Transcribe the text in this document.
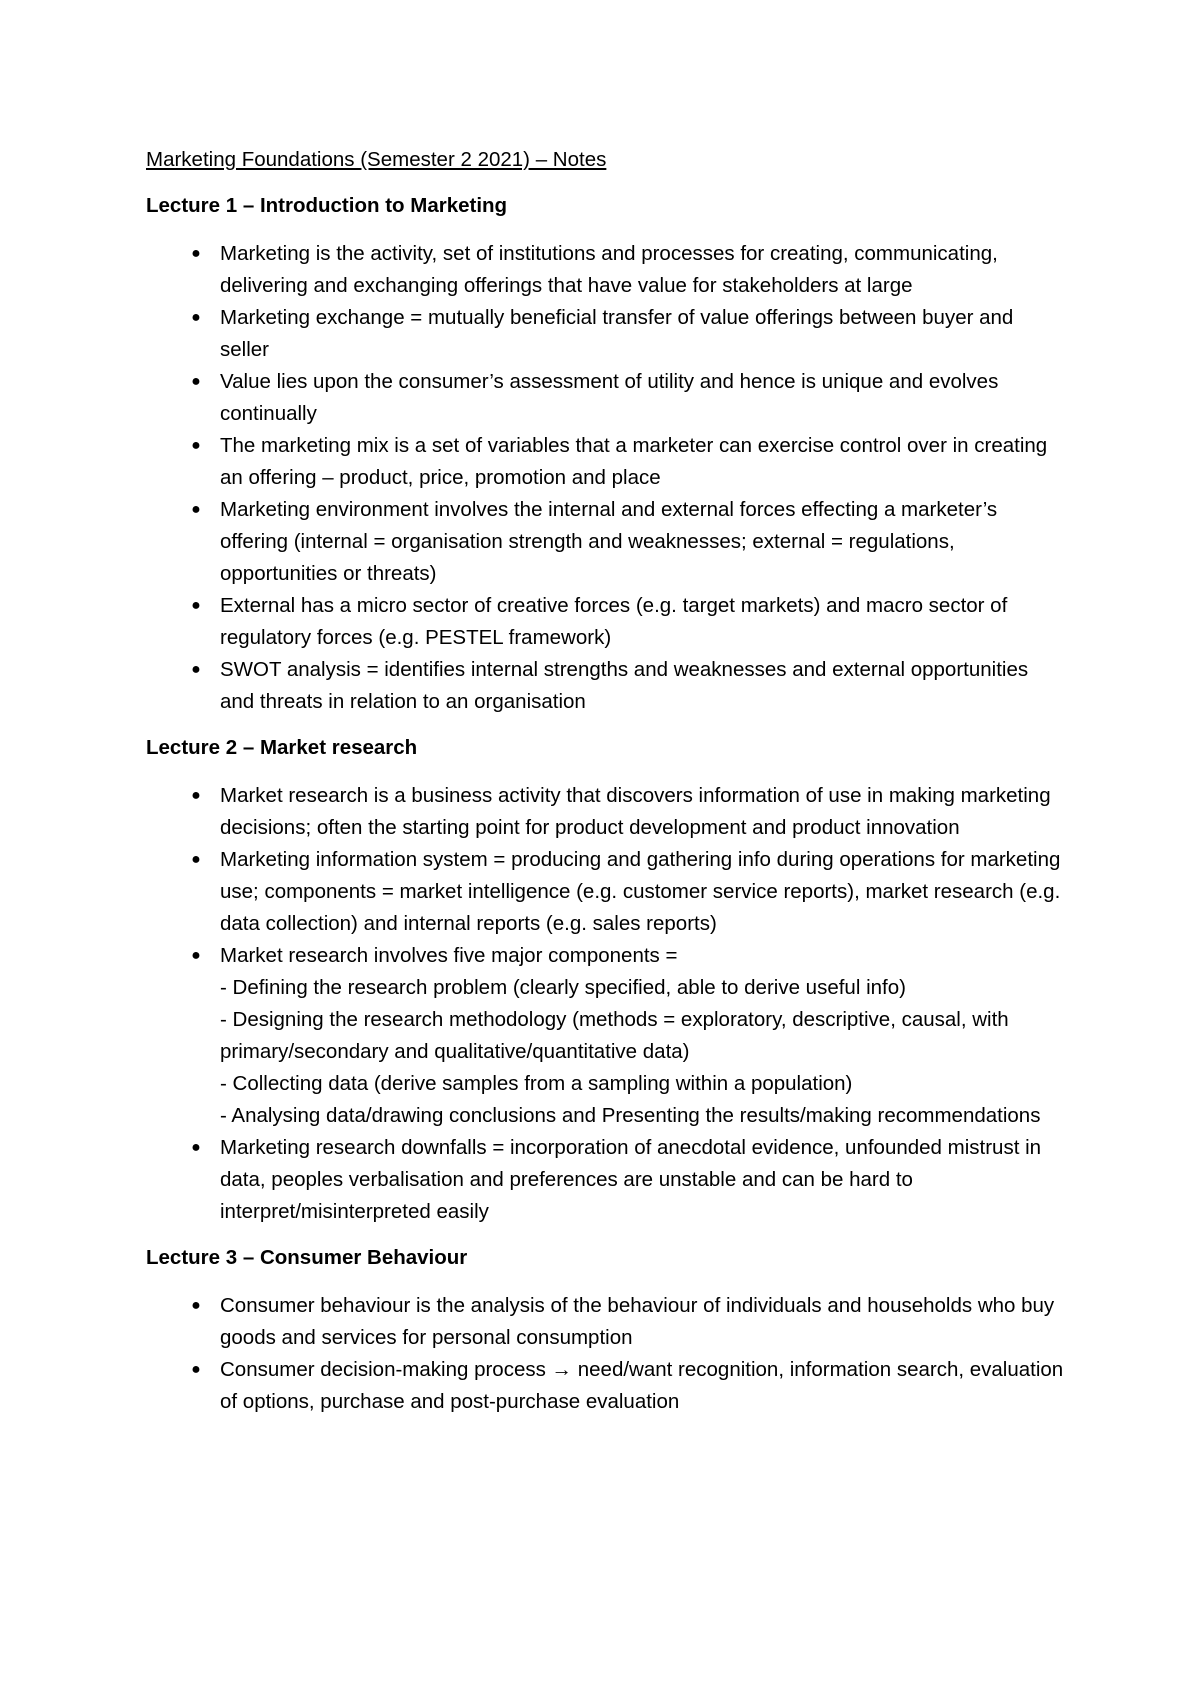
Marketing Foundations (Semester 2 2021) – Notes
Lecture 1 – Introduction to Marketing
● Marketing is the activity, set of institutions and processes for creating, communicating, delivering and exchanging offerings that have value for stakeholders at large
● Marketing exchange = mutually beneficial transfer of value offerings between buyer and seller
● Value lies upon the consumer’s assessment of utility and hence is unique and evolves continually
● The marketing mix is a set of variables that a marketer can exercise control over in creating an offering – product, price, promotion and place
● Marketing environment involves the internal and external forces effecting a marketer’s offering (internal = organisation strength and weaknesses; external = regulations, opportunities or threats)
● External has a micro sector of creative forces (e.g. target markets) and macro sector of regulatory forces (e.g. PESTEL framework)
● SWOT analysis = identifies internal strengths and weaknesses and external opportunities and threats in relation to an organisation
Lecture 2 – Market research
● Market research is a business activity that discovers information of use in making marketing decisions; often the starting point for product development and product innovation
● Marketing information system = producing and gathering info during operations for marketing use; components = market intelligence (e.g. customer service reports), market research (e.g. data collection) and internal reports (e.g. sales reports)
● Market research involves five major components =
- Defining the research problem (clearly specified, able to derive useful info)
- Designing the research methodology (methods = exploratory, descriptive, causal, with primary/secondary and qualitative/quantitative data)
- Collecting data (derive samples from a sampling within a population)
- Analysing data/drawing conclusions and Presenting the results/making recommendations
● Marketing research downfalls = incorporation of anecdotal evidence, unfounded mistrust in data, peoples verbalisation and preferences are unstable and can be hard to interpret/misinterpreted easily
Lecture 3 – Consumer Behaviour
● Consumer behaviour is the analysis of the behaviour of individuals and households who buy goods and services for personal consumption
● Consumer decision-making process → need/want recognition, information search, evaluation of options, purchase and post-purchase evaluation
